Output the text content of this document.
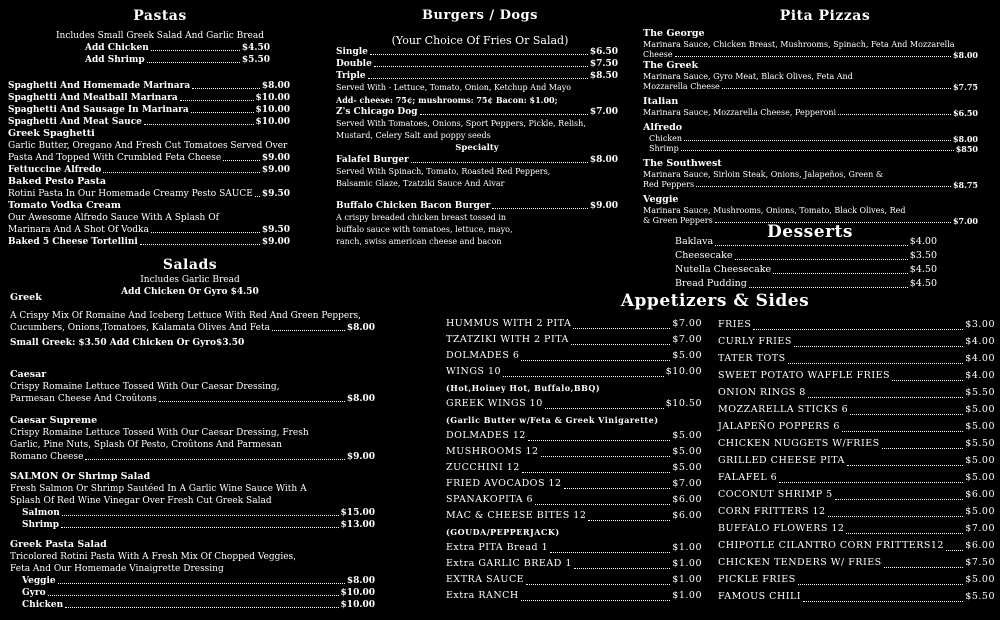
Pastas
Includes Small Greek Salad And Garlic Bread
Add Chicken	$4.50
Add Shrimp	$5.50
Spaghetti And Homemade Marinara	$8.00
Spaghetti And Meatball Marinara	$10.00
Spaghetti And Sausage In Marinara	$10.00
Spaghetti And Meat Sauce	$10.00
Greek Spaghetti
Garlic Butter, Oregano And Fresh Cut Tomatoes Served Over
Pasta And Topped With Crumbled Feta Cheese	$9.00
Fettuccine Alfredo	$9.00
Baked Pesto Pasta
Rotini Pasta In Our Homemade Creamy Pesto SAUCE $9.50
Tomato Vodka Cream
Our Awesome Alfredo Sauce With A Splash Of
Marinara And A Shot Of Vodka	$9.50
Baked 5 Cheese Tortellini	$9.00
Salads
Includes Garlic Bread
Add Chicken Or Gyro $4.50
Greek
A Crispy Mix Of Romaine And Iceberg Lettuce With Red And Green Peppers,
Cucumbers, Onions,Tomatoes, Kalamata Olives And Feta	$8.00
Small Greek: $3.50 Add Chicken Or Gyro$3.50
Caesar
Crispy Romaine Lettuce Tossed With Our Caesar Dressing,
Parmesan Cheese And Croûtons	$8.00
Caesar Supreme
Crispy Romaine Lettuce Tossed With Our Caesar Dressing, Fresh
Garlic, Pine Nuts, Splash Of Pesto, Croûtons And Parmesan
Romano Cheese	$9.00
SALMON Or Shrimp Salad
Fresh Salmon Or Shrimp Sautéed In A Garlic Wine Sauce With A
Splash Of Red Wine Vinegar Over Fresh Cut Greek Salad
Salmon	$15.00
Shrimp	$13.00
Greek Pasta Salad
Tricolored Rotini Pasta With A Fresh Mix Of Chopped Veggies,
Feta And Our Homemade Vinaigrette Dressing
Veggie	$8.00
Gyro	$10.00
Chicken	$10.00
Burgers / Dogs
(Your Choice Of Fries Or Salad)
Single	$6.50
Double	$7.50
Triple	$8.50
Served With - Lettuce, Tomato, Onion, Ketchup And Mayo
Add- cheese: 75¢; mushrooms: 75¢ Bacon: $1.00;
Z's Chicago Dog	$7.00
Served With Tomatoes, Onions, Sport Peppers, Pickle, Relish,
Mustard, Celery Salt and poppy seeds
Specialty
Falafel Burger	$8.00
Served With Spinach, Tomato, Roasted Red Peppers,
Balsamic Glaze, Tzatziki Sauce And Aivar
Buffalo Chicken Bacon Burger	$9.00
A crispy breaded chicken breast tossed in
buffalo sauce with tomatoes, lettuce, mayo,
ranch, swiss american cheese and bacon
Pita Pizzas
The George
Marinara Sauce, Chicken Breast, Mushrooms, Spinach, Feta And Mozzarella
Cheese	$8.00
The Greek
Marinara Sauce, Gyro Meat, Black Olives, Feta And
Mozzarella Cheese	$7.75
Italian
Marinara Sauce, Mozzarella Cheese, Pepperoni	$6.50
Alfredo
Chicken	$8.00
Shrimp	$850
The Southwest
Marinara Sauce, Sirloin Steak, Onions, Jalapeños, Green &
Red Peppers	$8.75
Veggie
Marinara Sauce, Mushrooms, Onions, Tomato, Black Olives, Red
& Green Peppers	$7.00
Desserts
Baklava	$4.00
Cheesecake	$3.50
Nutella Cheesecake	$4.50
Bread Pudding	$4.50
Appetizers & Sides
HUMMUS WITH 2 PITA	$7.00
TZATZIKI WITH 2 PITA	$7.00
DOLMADES 6	$5.00
WINGS 10	$10.00
(Hot,Hoiney Hot, Buffalo,BBQ)
GREEK WINGS 10	$10.50
(Garlic Butter w/Feta & Greek Vinigarette)
DOLMADES 12	$5.00
MUSHROOMS 12	$5.00
ZUCCHINI 12	$5.00
FRIED AVOCADOS 12	$7.00
SPANAKOPITA 6	$6.00
MAC & CHEESE BITES 12	$6.00
(GOUDA/PEPPERJACK)
Extra PITA Bread 1	$1.00
Extra GARLIC BREAD 1	$1.00
EXTRA SAUCE	$1.00
Extra RANCH	$1.00
FRIES	$3.00
CURLY FRIES	$4.00
TATER TOTS	$4.00
SWEET POTATO WAFFLE FRIES	$4.00
ONION RINGS 8	$5.50
MOZZARELLA STICKS 6	$5.00
JALAPEÑO POPPERS 6	$5.00
CHICKEN NUGGETS W/FRIES	$5.50
GRILLED CHEESE PITA	$5.00
FALAFEL 6	$5.00
COCONUT SHRIMP 5	$6.00
CORN FRITTERS 12	$5.00
BUFFALO FLOWERS 12	$7.00
CHIPOTLE CILANTRO CORN FRITTERS12 $6.00
CHICKEN TENDERS W/ FRIES	$7.50
PICKLE FRIES	$5.00
FAMOUS CHILI	$5.50
